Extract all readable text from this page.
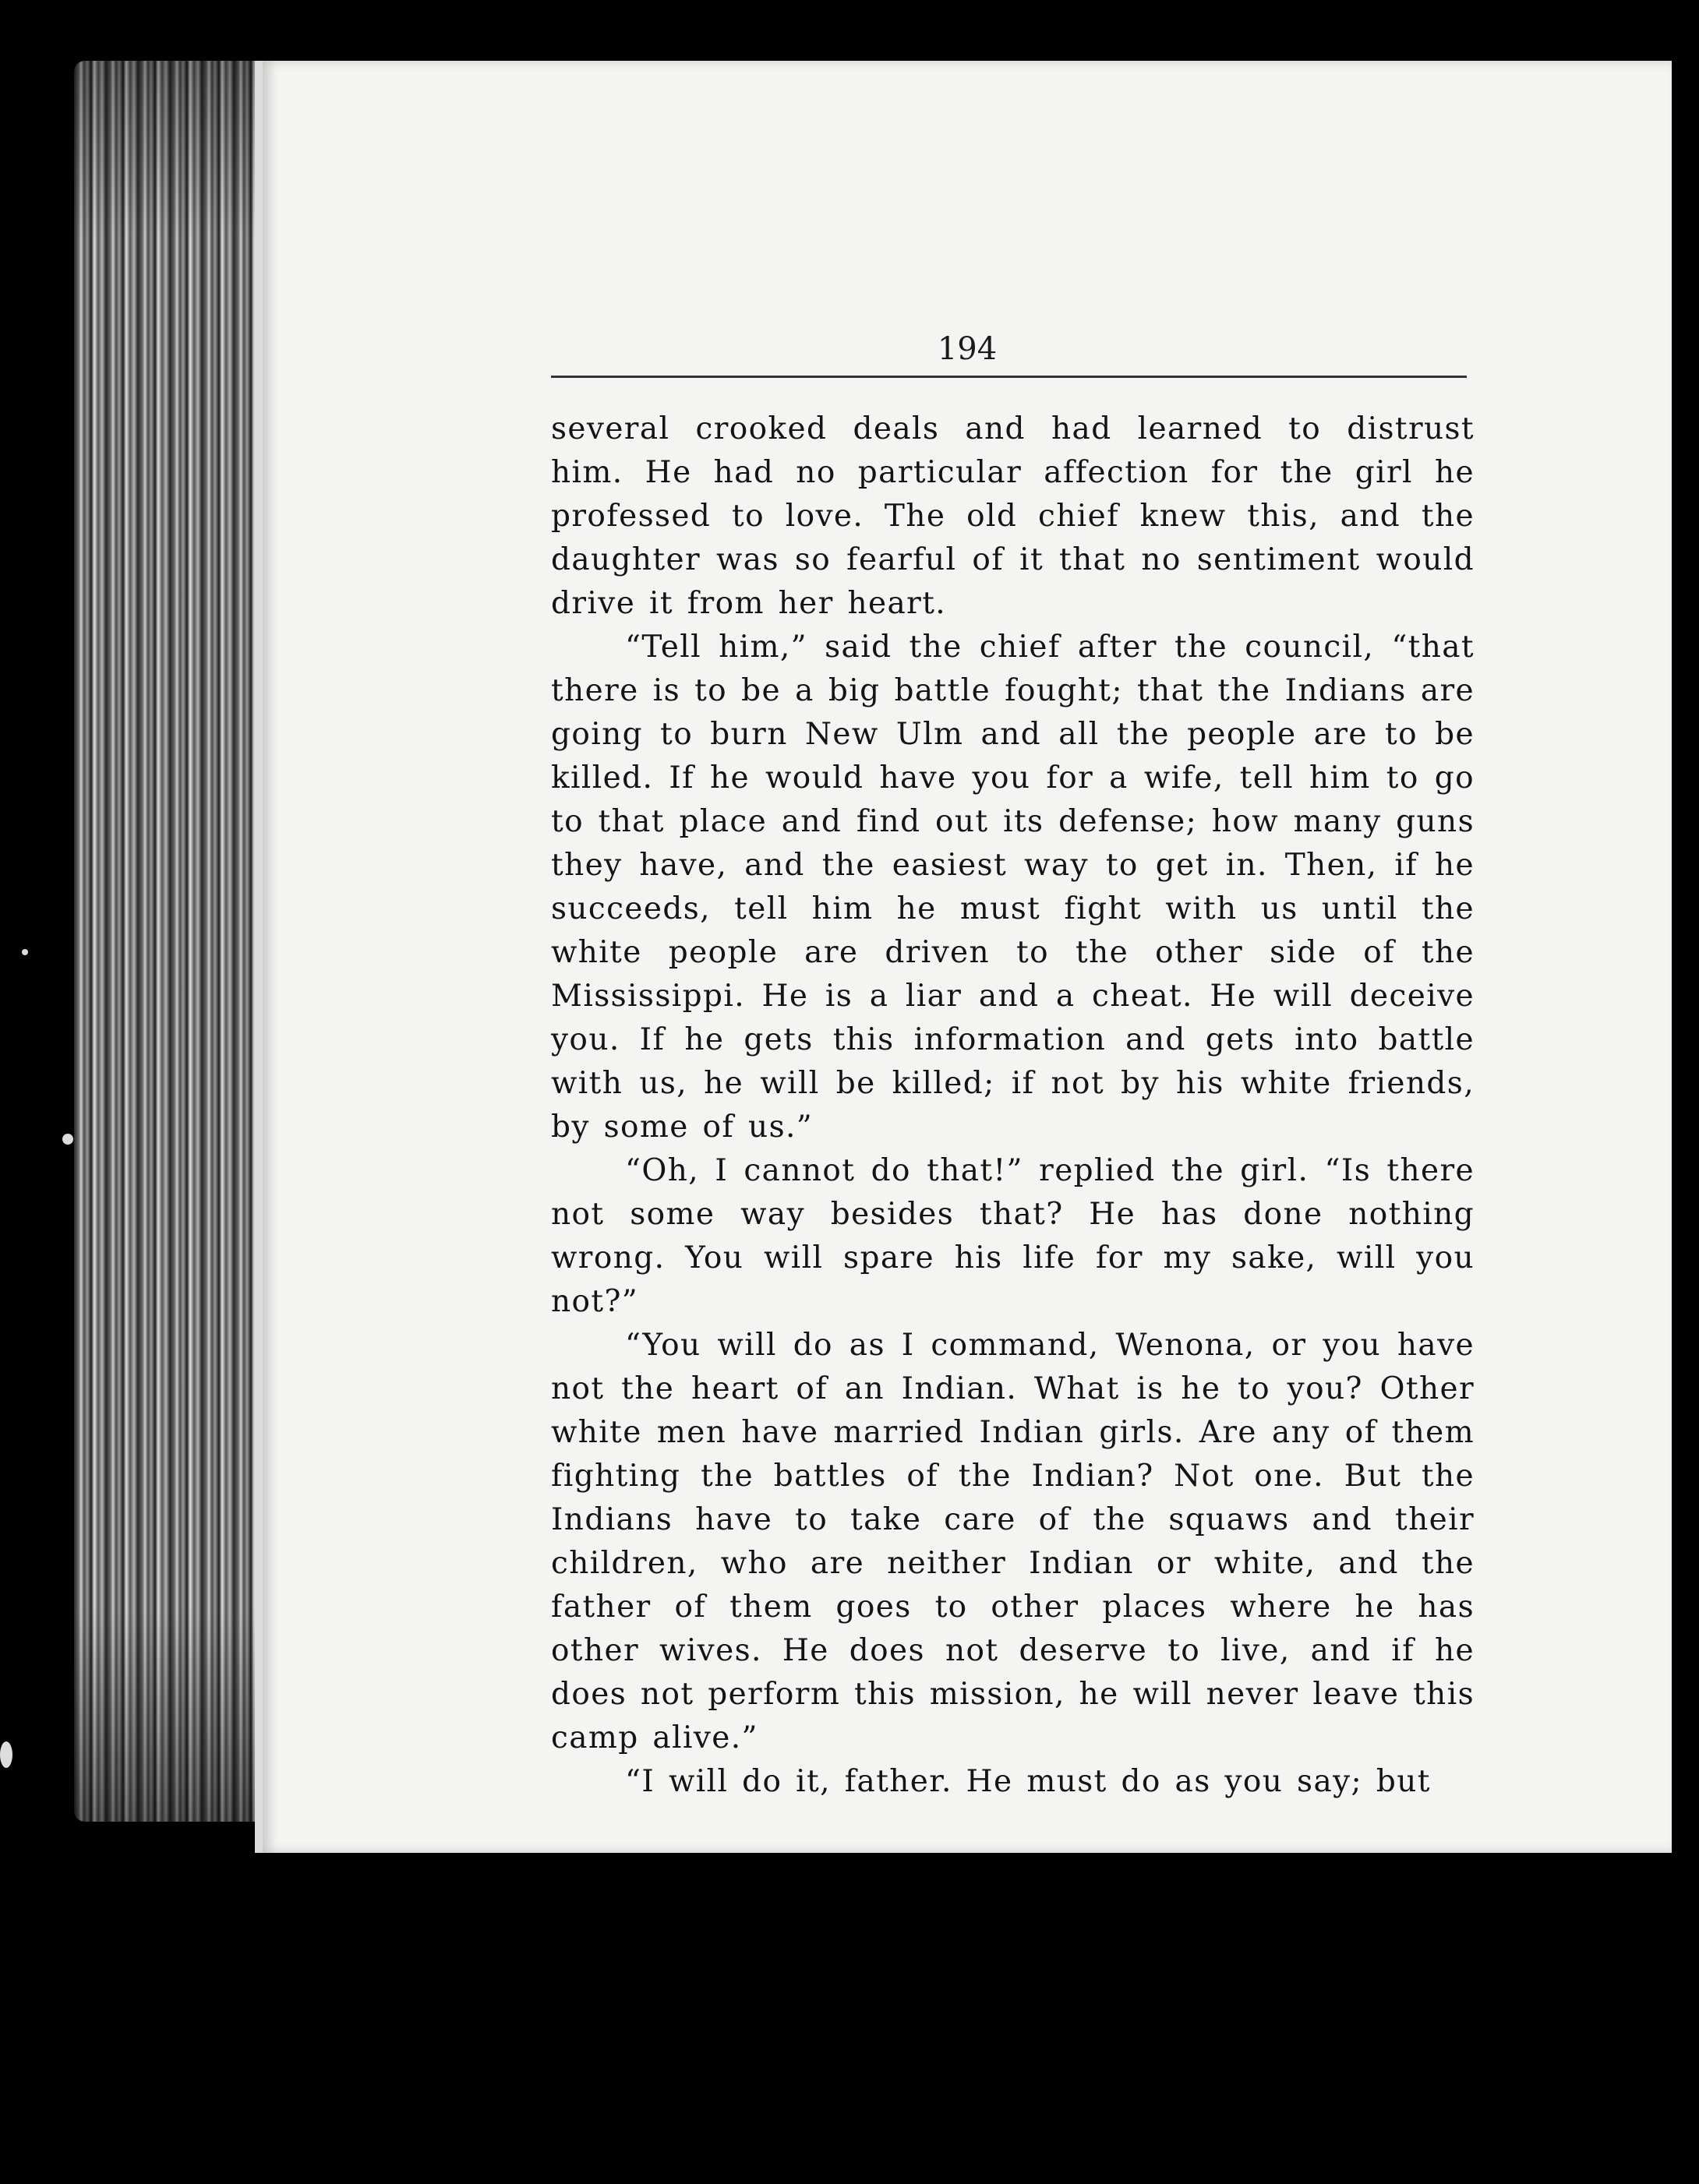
194

several crooked deals and had learned to distrust him. He had no particular affection for the girl he professed to love. The old chief knew this, and the daughter was so fearful of it that no sentiment would drive it from her heart.

“Tell him,” said the chief after the council, “that there is to be a big battle fought; that the Indians are going to burn New Ulm and all the people are to be killed. If he would have you for a wife, tell him to go to that place and find out its defense; how many guns they have, and the easiest way to get in. Then, if he succeeds, tell him he must fight with us until the white people are driven to the other side of the Mississippi. He is a liar and a cheat. He will deceive you. If he gets this information and gets into battle with us, he will be killed; if not by his white friends, by some of us.”

“Oh, I cannot do that!” replied the girl. “Is there not some way besides that? He has done nothing wrong. You will spare his life for my sake, will you not?”

“You will do as I command, Wenona, or you have not the heart of an Indian. What is he to you? Other white men have married Indian girls. Are any of them fighting the battles of the Indian? Not one. But the Indians have to take care of the squaws and their children, who are neither Indian or white, and the father of them goes to other places where he has other wives. He does not deserve to live, and if he does not perform this mission, he will never leave this camp alive.”

“I will do it, father. He must do as you say; but
